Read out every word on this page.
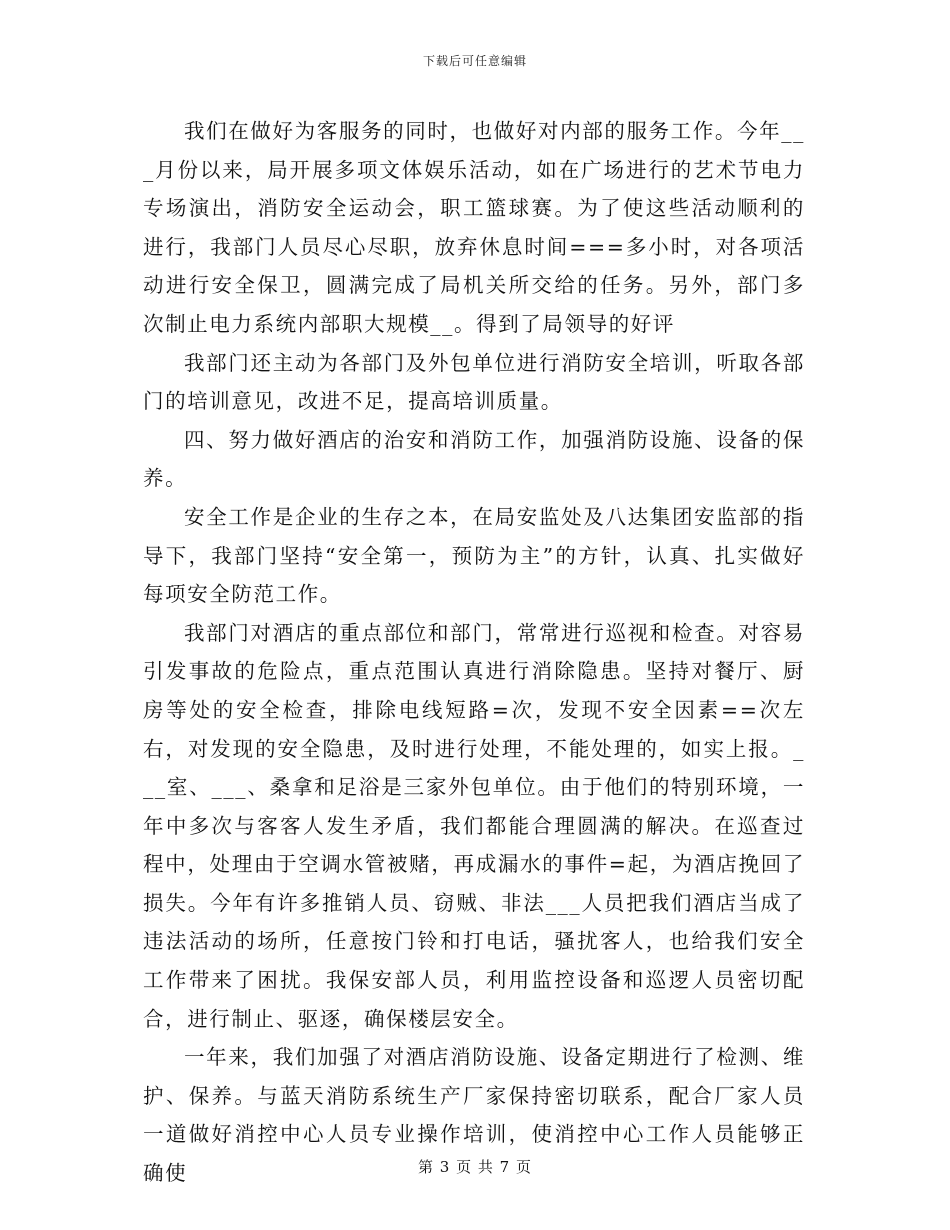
下载后可任意编辑

我们在做好为客服务的同时，也做好对内部的服务工作。今年___月份以来，局开展多项文体娱乐活动，如在广场进行的艺术节电力专场演出，消防安全运动会，职工篮球赛。为了使这些活动顺利的进行，我部门人员尽心尽职，放弃休息时间===多小时，对各项活动进行安全保卫，圆满完成了局机关所交给的任务。另外，部门多次制止电力系统内部职大规模__。得到了局领导的好评

我部门还主动为各部门及外包单位进行消防安全培训，听取各部门的培训意见，改进不足，提高培训质量。

四、努力做好酒店的治安和消防工作，加强消防设施、设备的保养。

安全工作是企业的生存之本，在局安监处及八达集团安监部的指导下，我部门坚持“安全第一，预防为主”的方针，认真、扎实做好每项安全防范工作。

我部门对酒店的重点部位和部门，常常进行巡视和检查。对容易引发事故的危险点，重点范围认真进行消除隐患。坚持对餐厅、厨房等处的安全检查，排除电线短路=次，发现不安全因素==次左右，对发现的安全隐患，及时进行处理，不能处理的，如实上报。___室、___、桑拿和足浴是三家外包单位。由于他们的特别环境，一年中多次与客客人发生矛盾，我们都能合理圆满的解决。在巡查过程中，处理由于空调水管被赌，再成漏水的事件=起，为酒店挽回了损失。今年有许多推销人员、窃贼、非法___人员把我们酒店当成了违法活动的场所，任意按门铃和打电话，骚扰客人，也给我们安全工作带来了困扰。我保安部人员，利用监控设备和巡逻人员密切配合，进行制止、驱逐，确保楼层安全。

一年来，我们加强了对酒店消防设施、设备定期进行了检测、维护、保养。与蓝天消防系统生产厂家保持密切联系，配合厂家人员一道做好消控中心人员专业操作培训，使消控中心工作人员能够正确使	第 3 页 共 7 页
